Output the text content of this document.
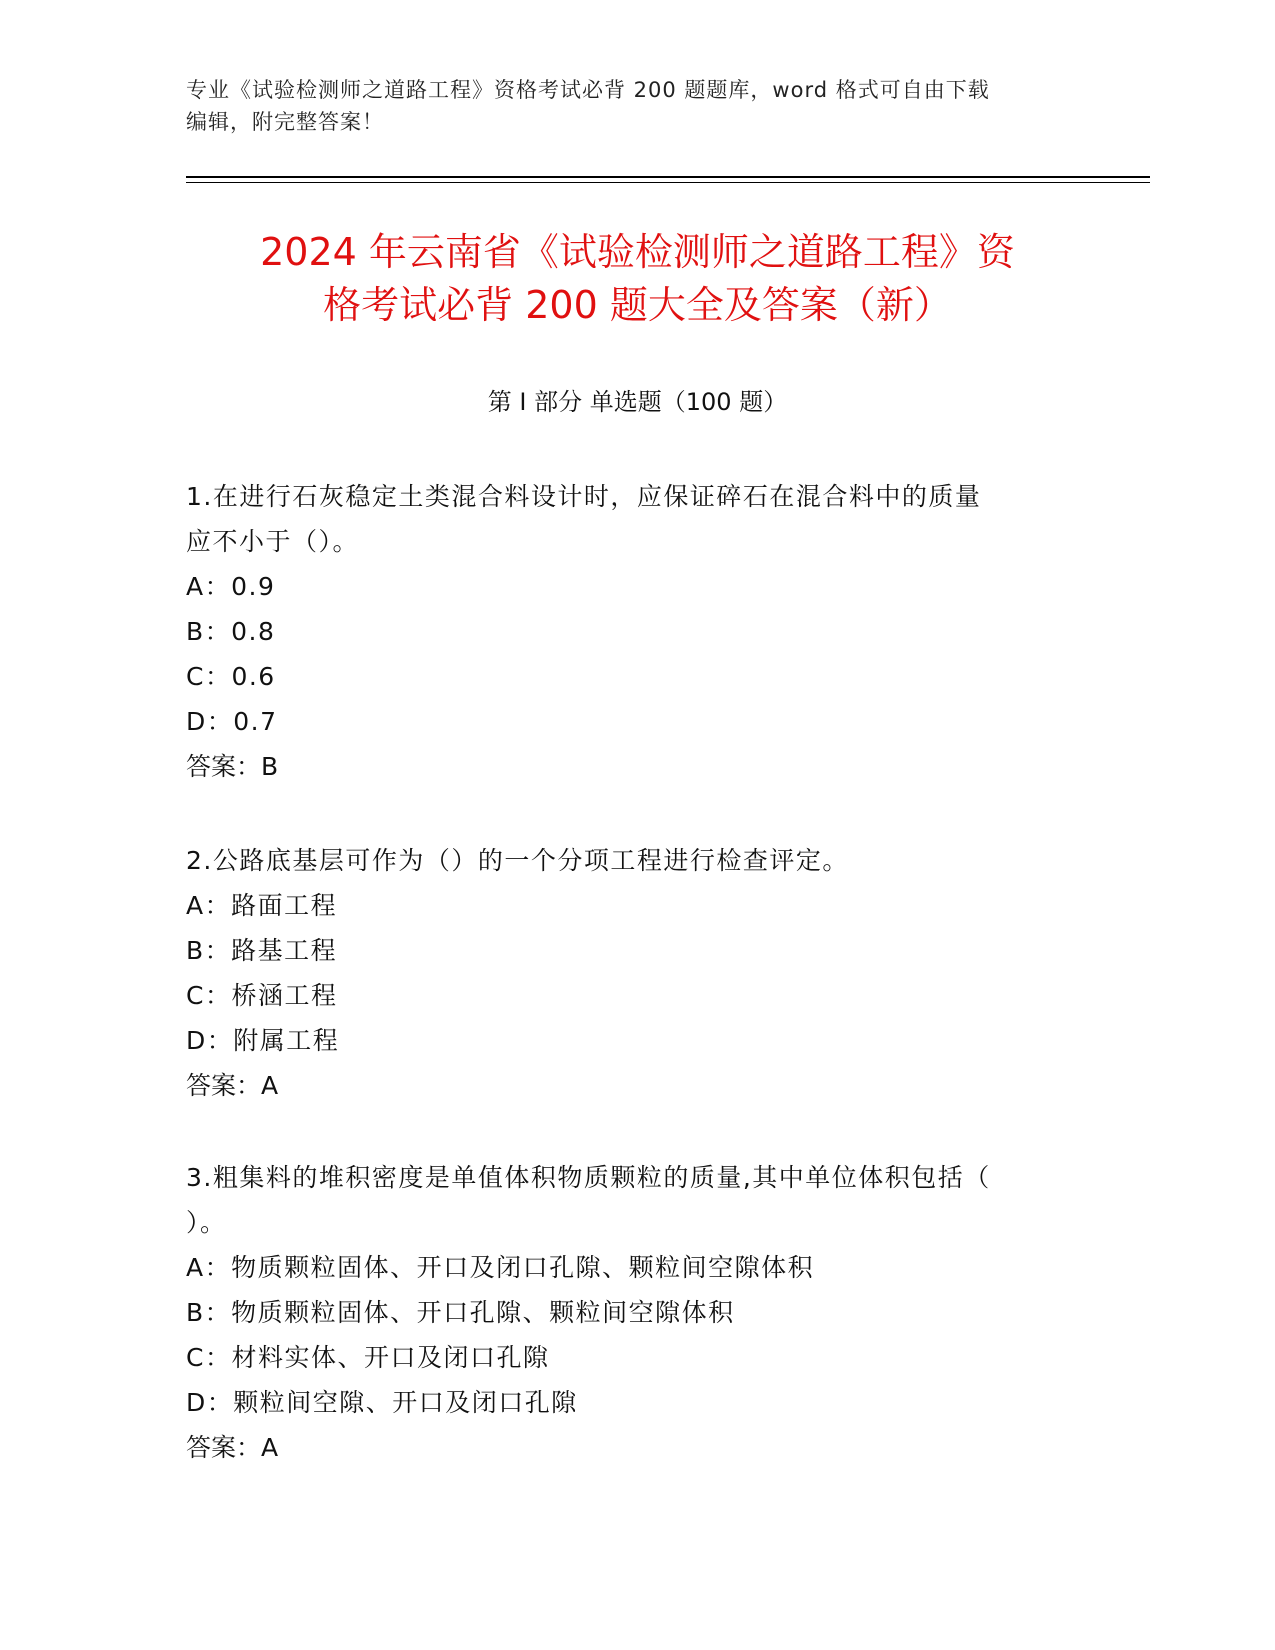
专业《试验检测师之道路工程》资格考试必背 200 题题库，word 格式可自由下载
编辑，附完整答案！
2024 年云南省《试验检测师之道路工程》资
格考试必背 200 题大全及答案（新）
第 I 部分 单选题（100 题）

1.在进行石灰稳定土类混合料设计时，应保证碎石在混合料中的质量

应不小于（）。

A：0.9

B：0.8

C：0.6

D：0.7

答案：B

2.公路底基层可作为（）的一个分项工程进行检查评定。

A：路面工程

B：路基工程

C：桥涵工程

D：附属工程

答案：A

3.粗集料的堆积密度是单值体积物质颗粒的质量,其中单位体积包括（

）。

A：物质颗粒固体、开口及闭口孔隙、颗粒间空隙体积

B：物质颗粒固体、开口孔隙、颗粒间空隙体积

C：材料实体、开口及闭口孔隙

D：颗粒间空隙、开口及闭口孔隙

答案：A
